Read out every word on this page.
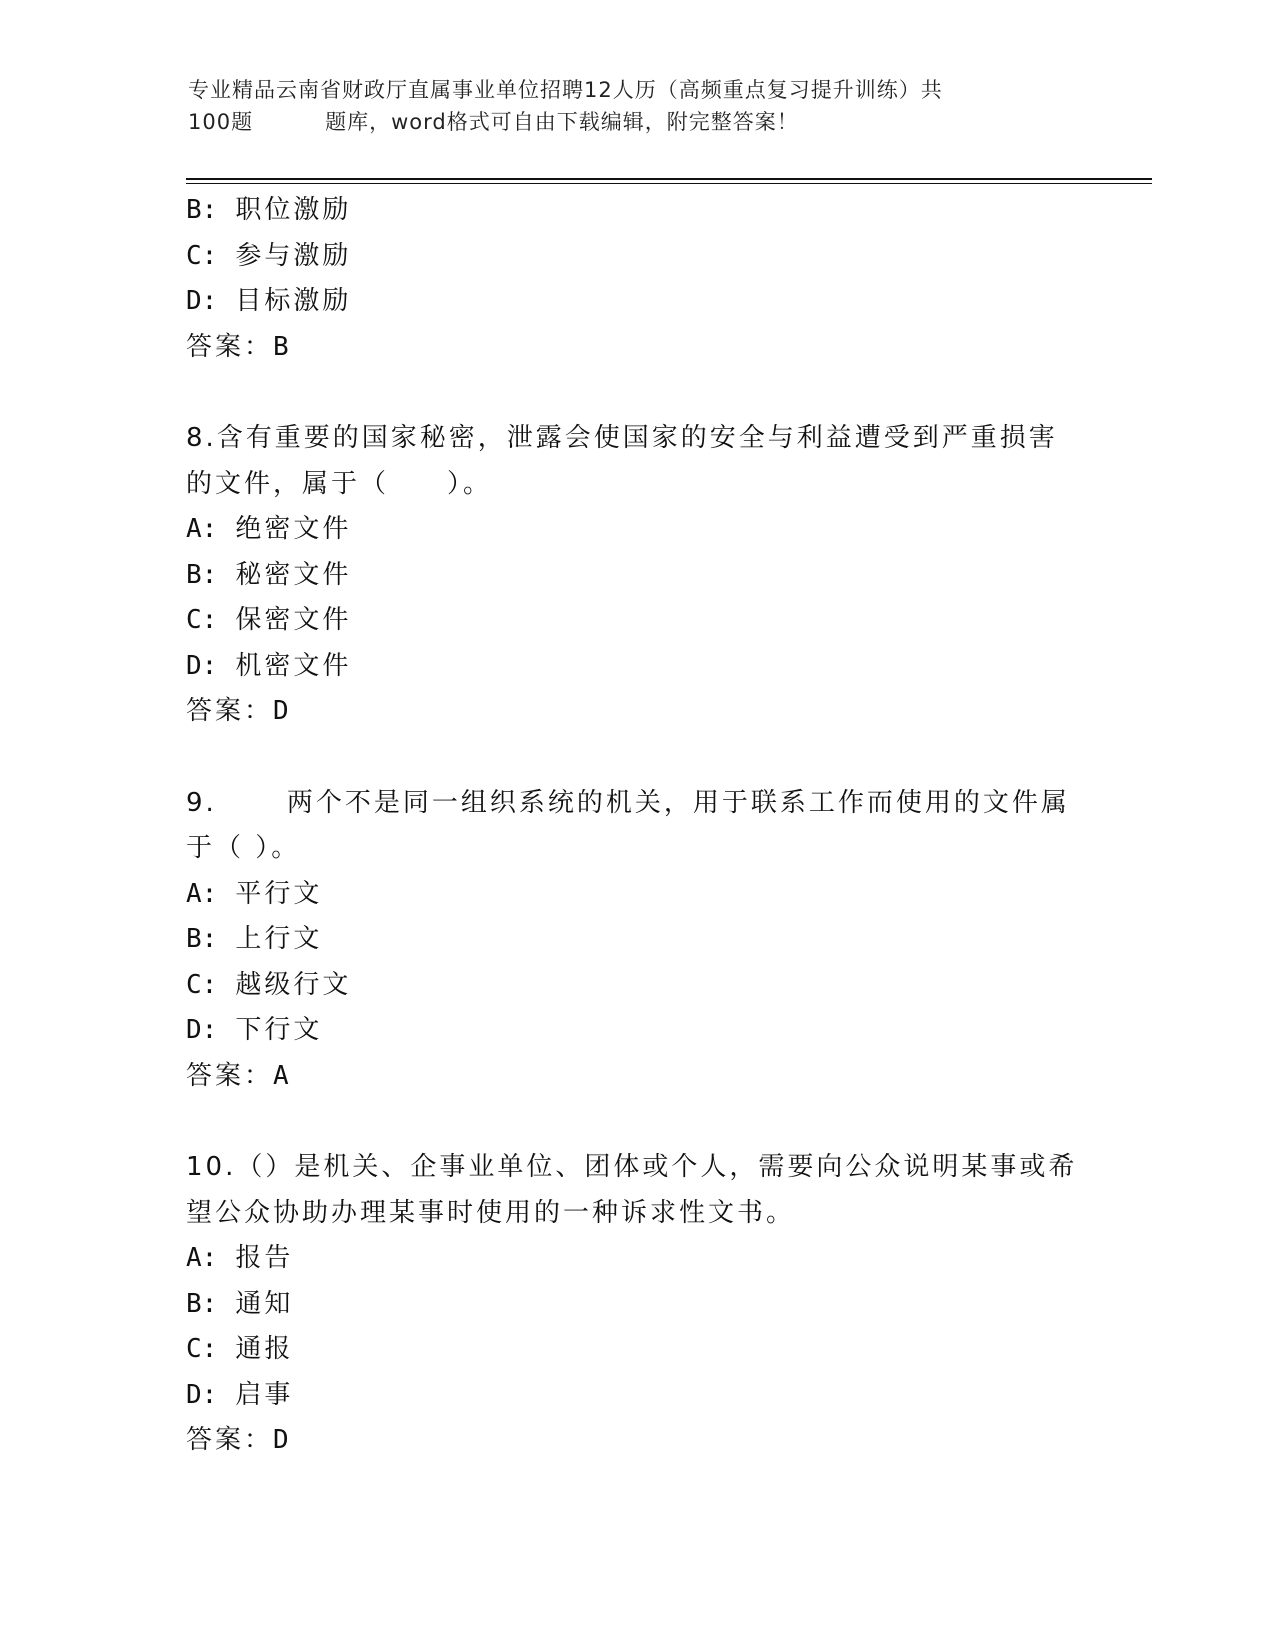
专业精品云南省财政厅直属事业单位招聘12人历（高频重点复习提升训练）共
100题	题库，word格式可自由下载编辑，附完整答案！
B: 职位激励
C: 参与激励
D: 目标激励
答案：B
8.含有重要的国家秘密，泄露会使国家的安全与利益遭受到严重损害
的文件，属于（　　）。
A: 绝密文件
B: 秘密文件
C: 保密文件
D: 机密文件
答案：D
9.	两个不是同一组织系统的机关，用于联系工作而使用的文件属
于（ ）。
A: 平行文
B: 上行文
C: 越级行文
D: 下行文
答案：A
10.（）是机关、企事业单位、团体或个人，需要向公众说明某事或希
望公众协助办理某事时使用的一种诉求性文书。
A: 报告
B: 通知
C: 通报
D: 启事
答案：D
